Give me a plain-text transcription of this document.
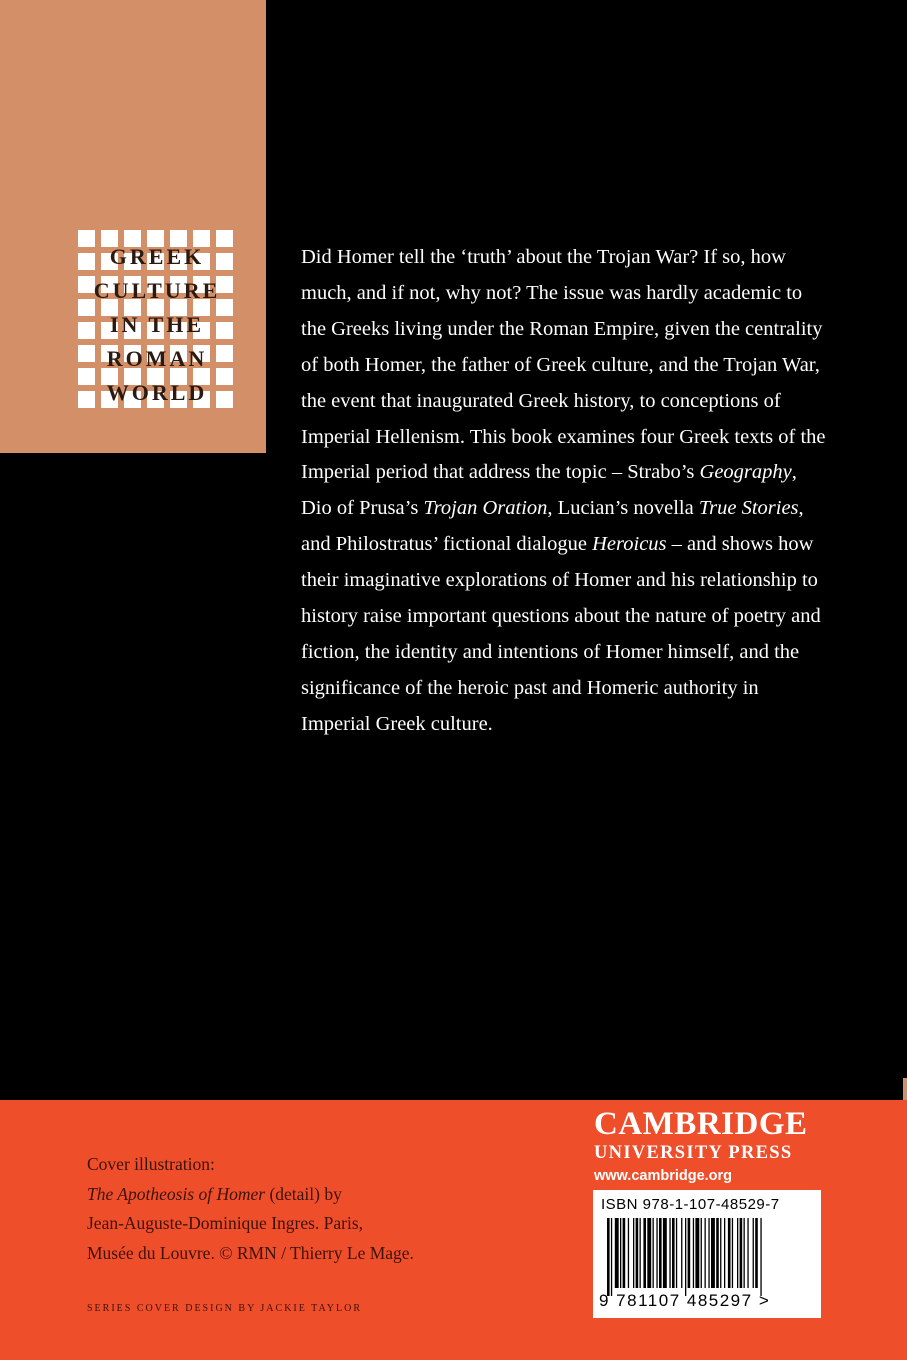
GREEK
CULTURE
IN THE
ROMAN
WORLD

Did Homer tell the ‘truth’ about the Trojan War? If so, how much, and if not, why not? The issue was hardly academic to the Greeks living under the Roman Empire, given the centrality of both Homer, the father of Greek culture, and the Trojan War, the event that inaugurated Greek history, to conceptions of Imperial Hellenism. This book examines four Greek texts of the Imperial period that address the topic – Strabo’s Geography, Dio of Prusa’s Trojan Oration, Lucian’s novella True Stories, and Philostratus’ fictional dialogue Heroicus – and shows how their imaginative explorations of Homer and his relationship to history raise important questions about the nature of poetry and fiction, the identity and intentions of Homer himself, and the significance of the heroic past and Homeric authority in Imperial Greek culture.

Cover illustration:
The Apotheosis of Homer (detail) by
Jean-Auguste-Dominique Ingres. Paris,
Musée du Louvre. © RMN / Thierry Le Mage.
SERIES COVER DESIGN BY JACKIE TAYLOR
CAMBRIDGE
UNIVERSITY PRESS
www.cambridge.org
ISBN 978-1-107-48529-7
9 781107 485297 >
